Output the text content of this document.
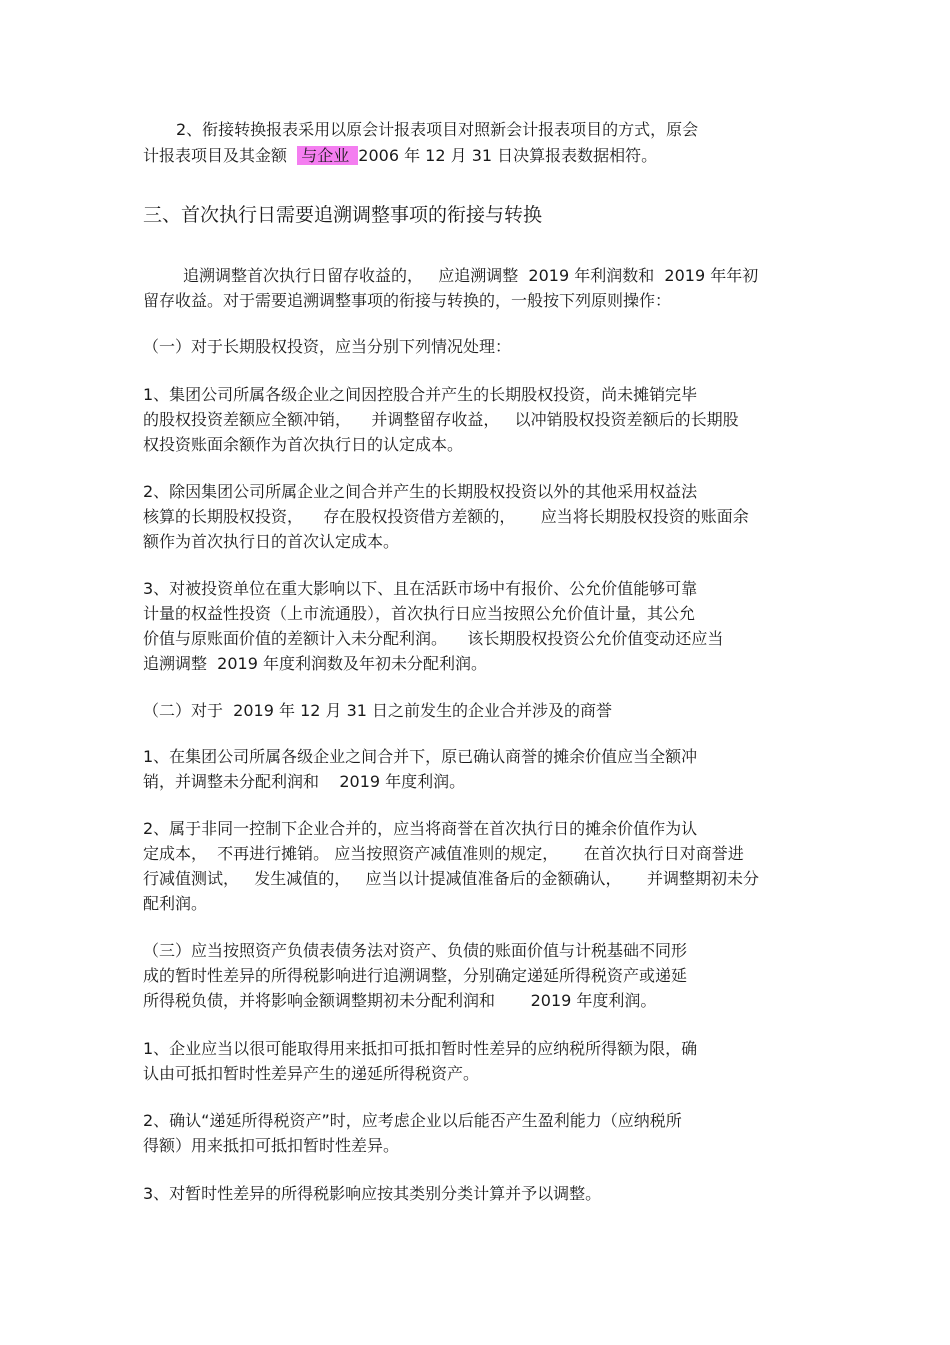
2、衔接转换报表采用以原会计报表项目对照新会计报表项目的方式，原会
计报表项目及其金额  与企业 2006 年 12 月 31 日决算报表数据相符。
三、首次执行日需要追溯调整事项的衔接与转换
追溯调整首次执行日留存收益的，   应追溯调整  2019 年利润数和  2019 年年初
留存收益。对于需要追溯调整事项的衔接与转换的，一般按下列原则操作：
（一）对于长期股权投资，应当分别下列情况处理：
1、集团公司所属各级企业之间因控股合并产生的长期股权投资，尚未摊销完毕
的股权投资差额应全额冲销，    并调整留存收益，   以冲销股权投资差额后的长期股
权投资账面余额作为首次执行日的认定成本。
2、除因集团公司所属企业之间合并产生的长期股权投资以外的其他采用权益法
核算的长期股权投资，    存在股权投资借方差额的，     应当将长期股权投资的账面余
额作为首次执行日的首次认定成本。
3、对被投资单位在重大影响以下、且在活跃市场中有报价、公允价值能够可靠
计量的权益性投资（上市流通股），首次执行日应当按照公允价值计量，其公允
价值与原账面价值的差额计入未分配利润。    该长期股权投资公允价值变动还应当
追溯调整  2019 年度利润数及年初未分配利润。
（二）对于  2019 年 12 月 31 日之前发生的企业合并涉及的商誉
1、在集团公司所属各级企业之间合并下，原已确认商誉的摊余价值应当全额冲
销，并调整未分配利润和    2019 年度利润。
2、属于非同一控制下企业合并的，应当将商誉在首次执行日的摊余价值作为认
定成本，  不再进行摊销。 应当按照资产减值准则的规定，     在首次执行日对商誉进
行减值测试，   发生减值的，   应当以计提减值准备后的金额确认，     并调整期初未分
配利润。
（三）应当按照资产负债表债务法对资产、负债的账面价值与计税基础不同形
成的暂时性差异的所得税影响进行追溯调整，分别确定递延所得税资产或递延
所得税负债，并将影响金额调整期初未分配利润和       2019 年度利润。
1、企业应当以很可能取得用来抵扣可抵扣暂时性差异的应纳税所得额为限，确
认由可抵扣暂时性差异产生的递延所得税资产。
2、确认“递延所得税资产”时，应考虑企业以后能否产生盈利能力（应纳税所
得额）用来抵扣可抵扣暂时性差异。
3、对暂时性差异的所得税影响应按其类别分类计算并予以调整。
